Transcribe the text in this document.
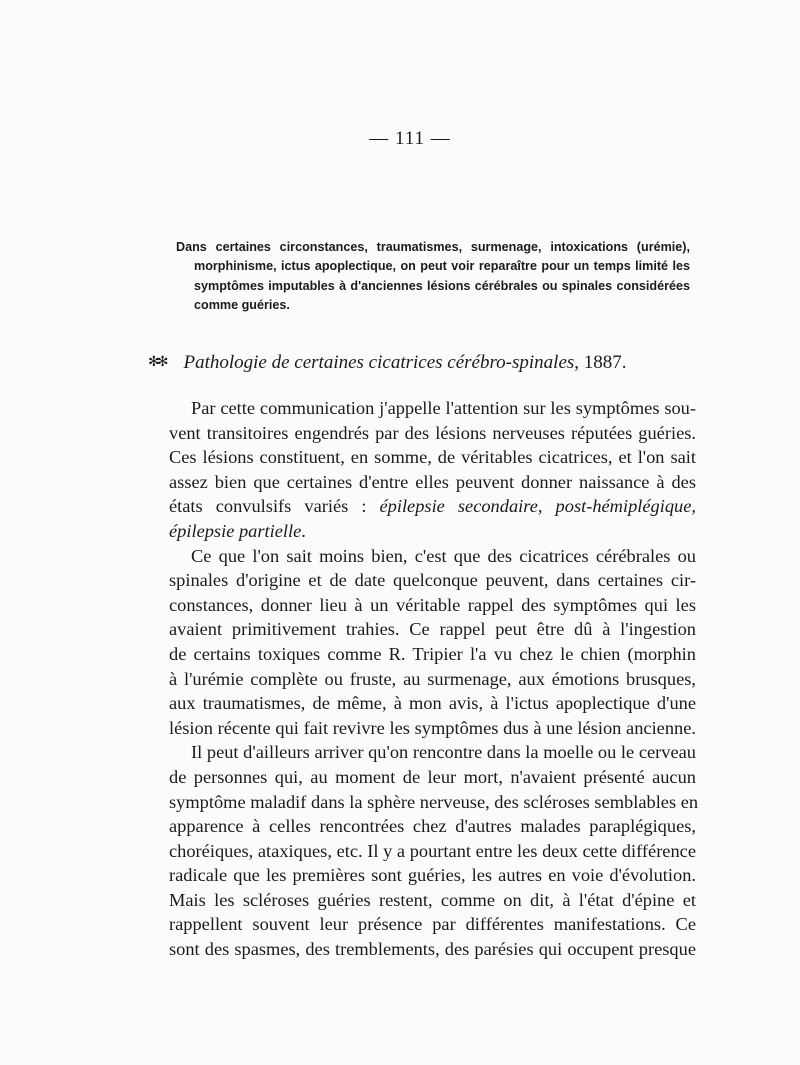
— 111 —

Dans certaines circonstances, traumatismes, surmenage, intoxications (urémie), morphinisme, ictus apoplectique, on peut voir reparaître pour un temps limité les symptômes imputables à d'anciennes lésions cérébrales ou spinales considérées comme guéries.

✻✻ Pathologie de certaines cicatrices cérébro-spinales, 1887.

Par cette communication j'appelle l'attention sur les symptômes sou-
vent transitoires engendrés par des lésions nerveuses réputées guéries.
Ces lésions constituent, en somme, de véritables cicatrices, et l'on sait
assez bien que certaines d'entre elles peuvent donner naissance à des
états convulsifs variés : épilepsie secondaire, post-hémiplégique,
épilepsie partielle.

Ce que l'on sait moins bien, c'est que des cicatrices cérébrales ou
spinales d'origine et de date quelconque peuvent, dans certaines cir-
constances, donner lieu à un véritable rappel des symptômes qui les
avaient primitivement trahies. Ce rappel peut être dû à l'ingestion
de certains toxiques comme R. Tripier l'a vu chez le chien (morphin
à l'urémie complète ou fruste, au surmenage, aux émotions brusques,
aux traumatismes, de même, à mon avis, à l'ictus apoplectique d'une
lésion récente qui fait revivre les symptômes dus à une lésion ancienne.

Il peut d'ailleurs arriver qu'on rencontre dans la moelle ou le cerveau
de personnes qui, au moment de leur mort, n'avaient présenté aucun
symptôme maladif dans la sphère nerveuse, des scléroses semblables en
apparence à celles rencontrées chez d'autres malades paraplégiques,
choréiques, ataxiques, etc. Il y a pourtant entre les deux cette différence
radicale que les premières sont guéries, les autres en voie d'évolution.
Mais les scléroses guéries restent, comme on dit, à l'état d'épine et
rappellent souvent leur présence par différentes manifestations. Ce
sont des spasmes, des tremblements, des parésies qui occupent presque
